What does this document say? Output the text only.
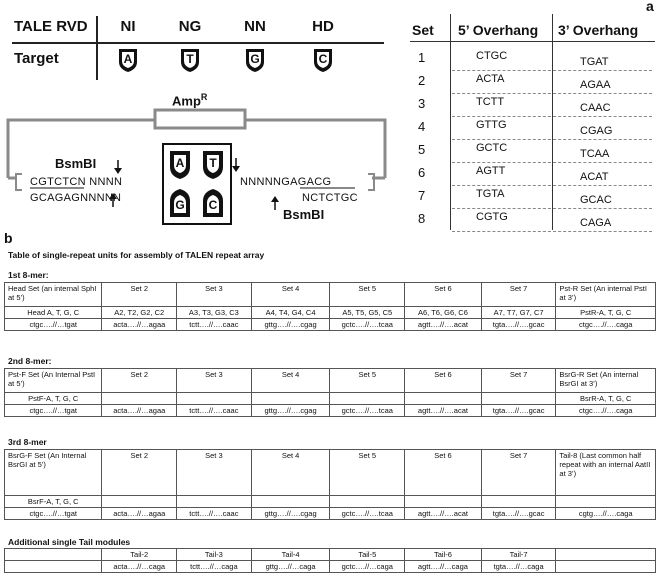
a
TALE RVD
Target
NI	NG	NN	HD
A	T	G	C
Amp$^R$
BsmBI
CGTCTCN NNNN
GCAGAGNNNNN
NNNNNGAGACG
NCTCTGC
BsmBI
A	T
G	C
Set 5’ Overhang 3’ Overhang
1	CTGC	TGAT
2	ACTA	AGAA
3	TCTT	CAAC
4	GTTG	CGAG
5	GCTC	TCAA
6	AGTT	ACAT
7	TGTA	GCAC
8	CGTG	CAGA
b
Table of single-repeat units for assembly of TALEN repeat array
1st 8-mer:
Head Set (an internal SphI at 5’)	Set 2	Set 3	Set 4	Set 5	Set 6	Set 7	Pst-R Set (An internal PstI at 3’)
Head A, T, G, C	A2, T2, G2, C2	A3, T3, G3, C3	A4, T4, G4, C4	A5, T5, G5, C5	A6, T6, G6, C6	A7, T7, G7, C7	PstR-A, T, G, C
ctgc….//…tgat	acta….//…agaa	tctt….//….caac	gttg….//….cgag	gctc….//….tcaa	agtt….//….acat	tgta….//….gcac	ctgc….//….caga
2nd 8-mer:
Pst-F Set (An Internal PstI at 5’)	Set 2	Set 3	Set 4	Set 5	Set 6	Set 7	BsrG-R Set (An internal BsrGI at 3’)
PstF-A, T, G, C							BsrR-A, T, G, C
ctgc….//…tgat	acta….//…agaa	tctt….//….caac	gttg….//….cgag	gctc….//….tcaa	agtt….//….acat	tgta….//….gcac	ctgc….//….caga
3rd 8-mer
BsrG-F Set (An Internal BsrGI at 5’)	Set 2	Set 3	Set 4	Set 5	Set 6	Set 7	Tail-8 (Last common half repeat with an internal AatII at 3’)
BsrF-A, T, G, C							
ctgc….//…tgat	acta….//…agaa	tctt….//….caac	gttg….//….cgag	gctc….//….tcaa	agtt….//….acat	tgta….//….gcac	cgtg….//….caga
Additional single Tail modules
	Tail-2	Tail-3	Tail-4	Tail-5	Tail-6	Tail-7	
	acta….//…caga	tctt….//…caga	gttg….//…caga	gctc….//…caga	agtt….//…caga	tgta….//…caga	
